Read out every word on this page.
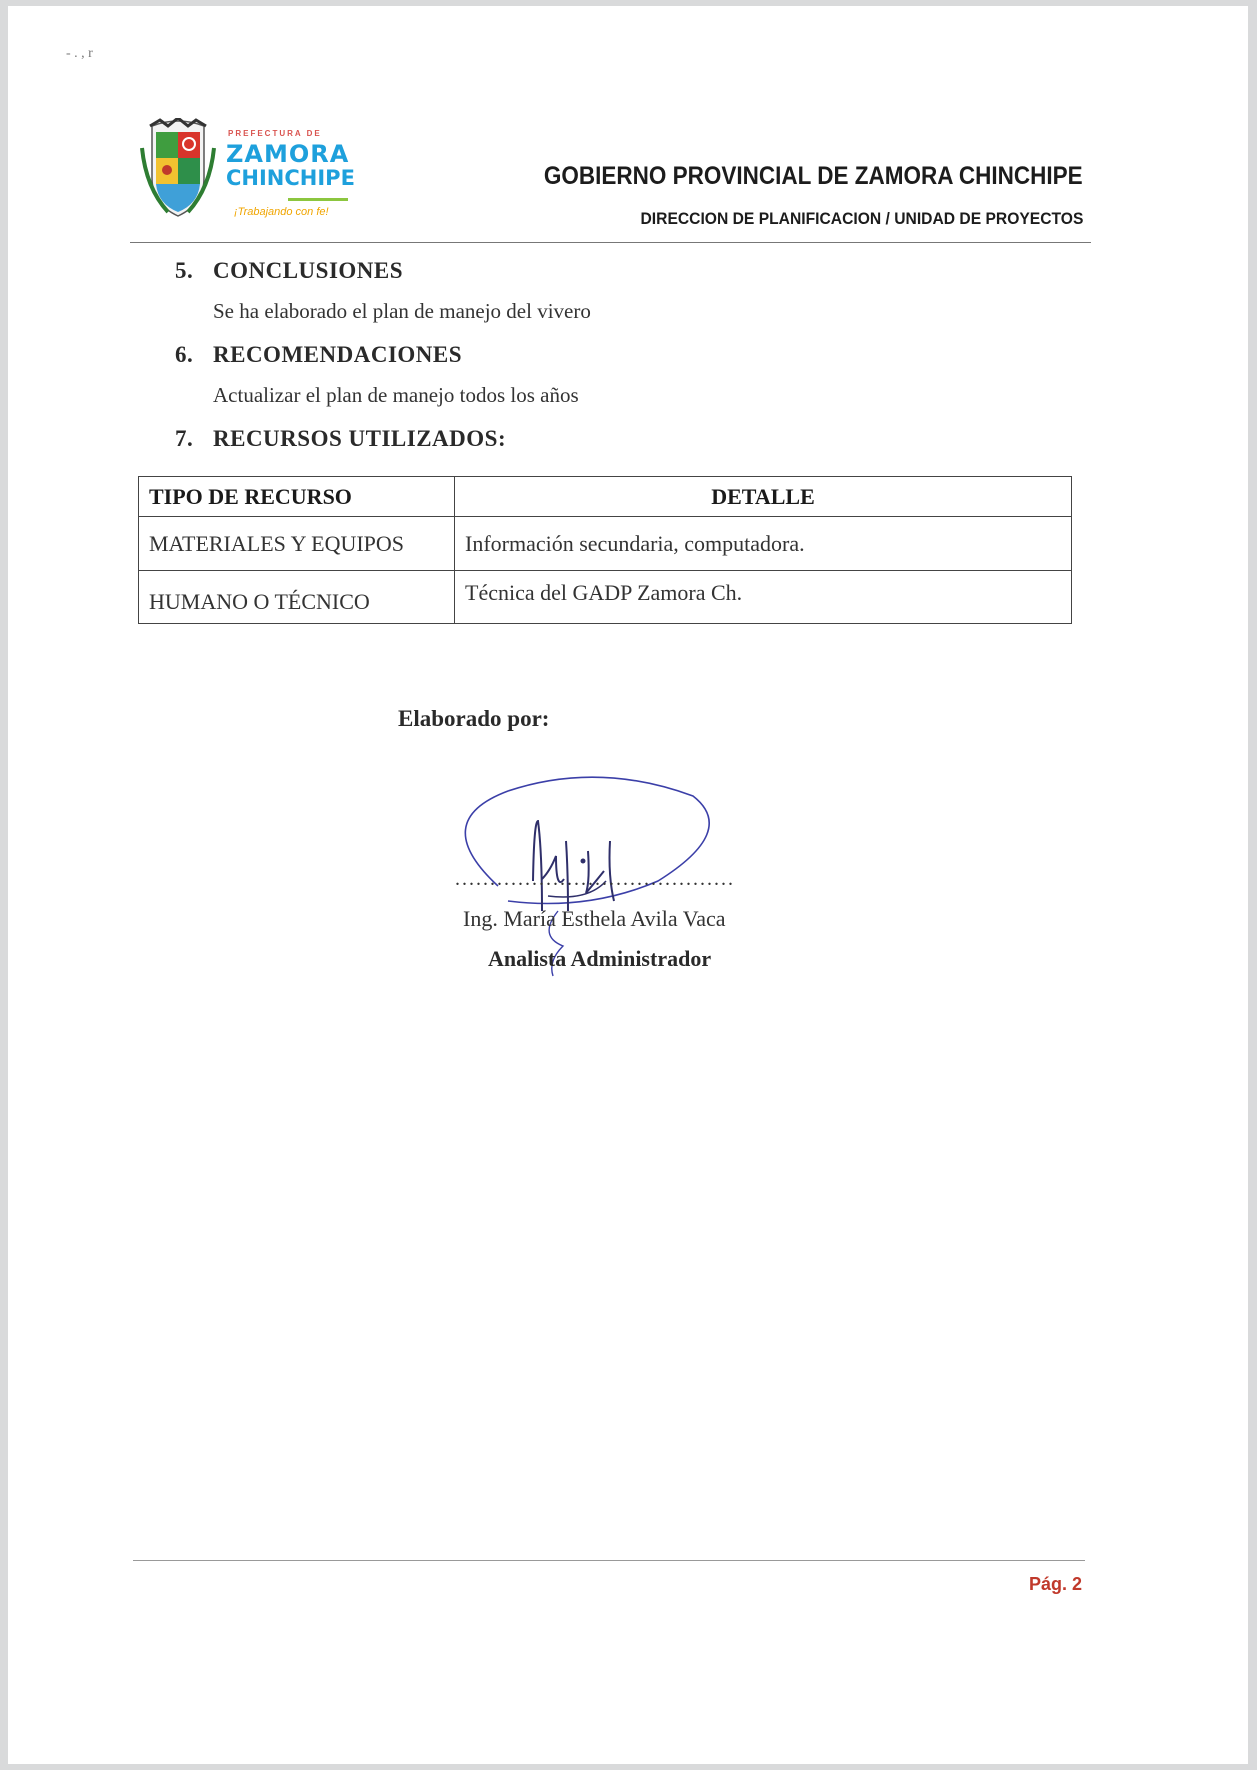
- . , r
PREFECTURA DE
ZAMORA
CHINCHIPE
¡Trabajando con fe!
GOBIERNO PROVINCIAL DE ZAMORA CHINCHIPE
DIRECCION DE PLANIFICACION / UNIDAD DE PROYECTOS
5. CONCLUSIONES
Se ha elaborado el plan de manejo del vivero
6. RECOMENDACIONES
Actualizar el plan de manejo todos los años
7. RECURSOS UTILIZADOS:
TIPO DE RECURSO	DETALLE
MATERIALES Y EQUIPOS	Información secundaria, computadora.
HUMANO O TÉCNICO	Técnica del GADP Zamora Ch.
Elaborado por:
........................................
Ing. María Esthela Avila Vaca
Analista Administrador
Pág. 2
